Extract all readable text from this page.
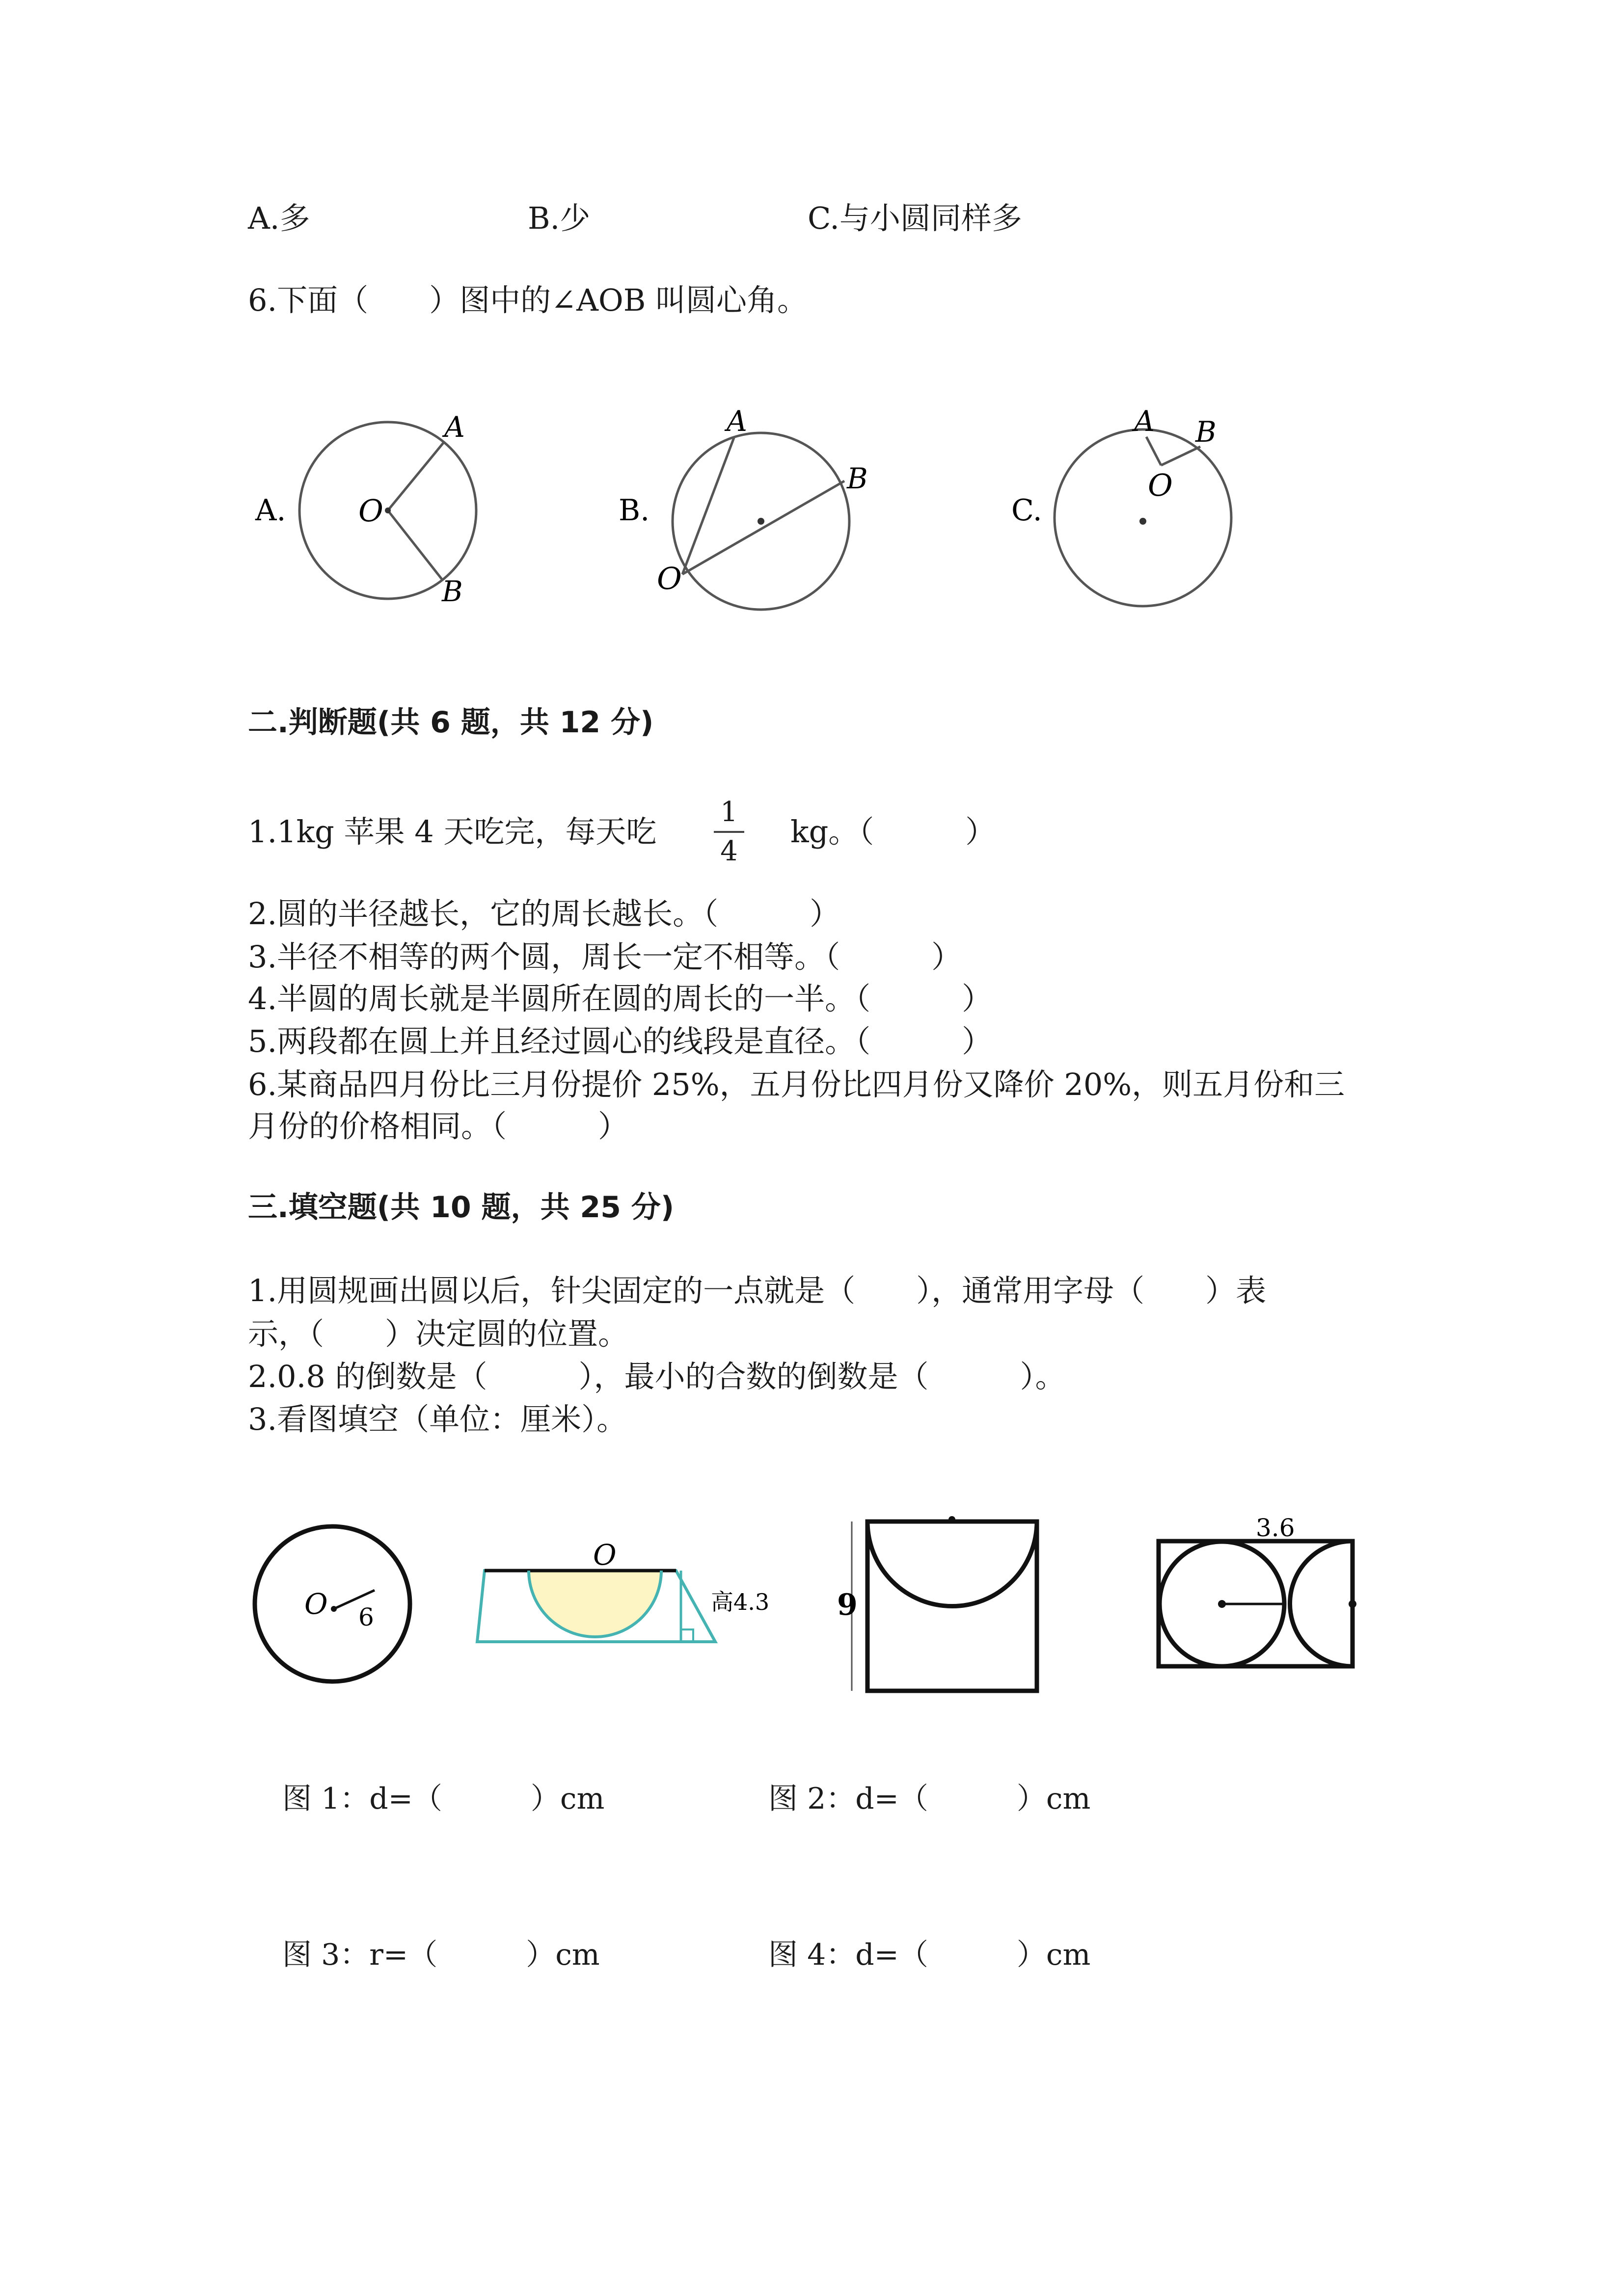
A.多	B.少	C.与小圆同样多
6.下面（　　）图中的∠AOB 叫圆心角。
A. O
A
B
B.
O
A
B
C.
O
A B
二.判断题(共 6 题，共 12 分)
1.1kg 苹果 4 天吃完，每天吃
1
4
kg。（　　　）
2.圆的半径越长，它的周长越长。（　　　）
3.半径不相等的两个圆，周长一定不相等。（　　　）
4.半圆的周长就是半圆所在圆的周长的一半。（　　　）
5.两段都在圆上并且经过圆心的线段是直径。（　　　）
6.某商品四月份比三月份提价 25%，五月份比四月份又降价 20%，则五月份和三
月份的价格相同。（　　　）
三.填空题(共 10 题，共 25 分)
1.用圆规画出圆以后，针尖固定的一点就是（　　），通常用字母（　　）表
示，（　　）决定圆的位置。
2.0.8 的倒数是（　　　），最小的合数的倒数是（　　　）。
3.看图填空（单位：厘米）。
O 6
O
高4.3 9
3.6
图 1：d=（　　　）cm	图 2：d=（　　　）cm
图 3：r=（　　　）cm	图 4：d=（　　　）cm
